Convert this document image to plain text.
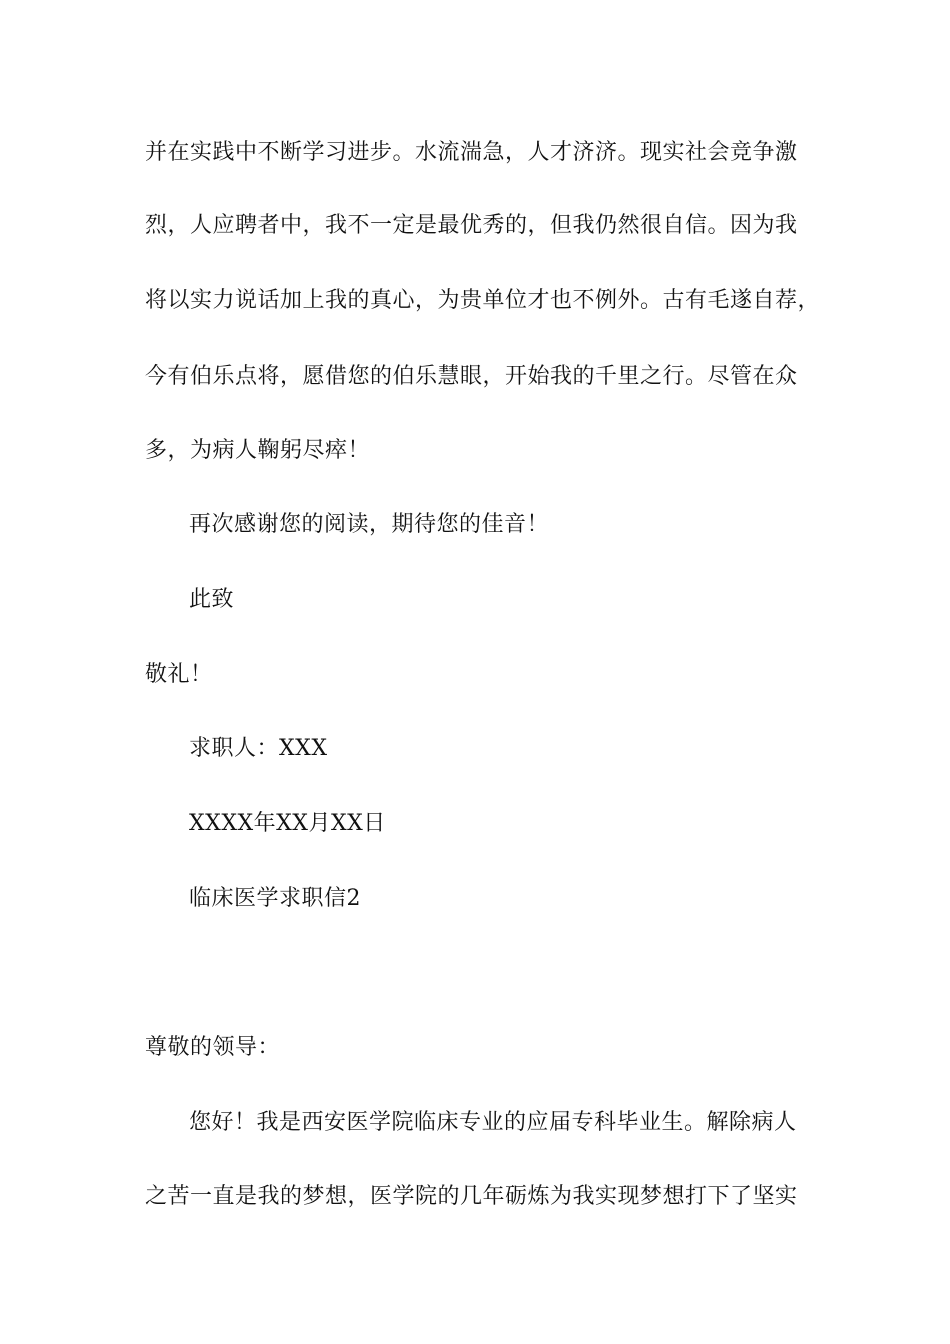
并在实践中不断学习进步。水流湍急，人才济济。现实社会竞争激
烈，人应聘者中，我不一定是最优秀的，但我仍然很自信。因为我
将以实力说话加上我的真心，为贵单位才也不例外。古有毛遂自荐，
今有伯乐点将，愿借您的伯乐慧眼，开始我的千里之行。尽管在众
多，为病人鞠躬尽瘁！
再次感谢您的阅读，期待您的佳音！
此致
敬礼！
求职人：XXX
XXXX年XX月XX日
临床医学求职信2
尊敬的领导：
您好！我是西安医学院临床专业的应届专科毕业生。解除病人
之苦一直是我的梦想，医学院的几年砺炼为我实现梦想打下了坚实
